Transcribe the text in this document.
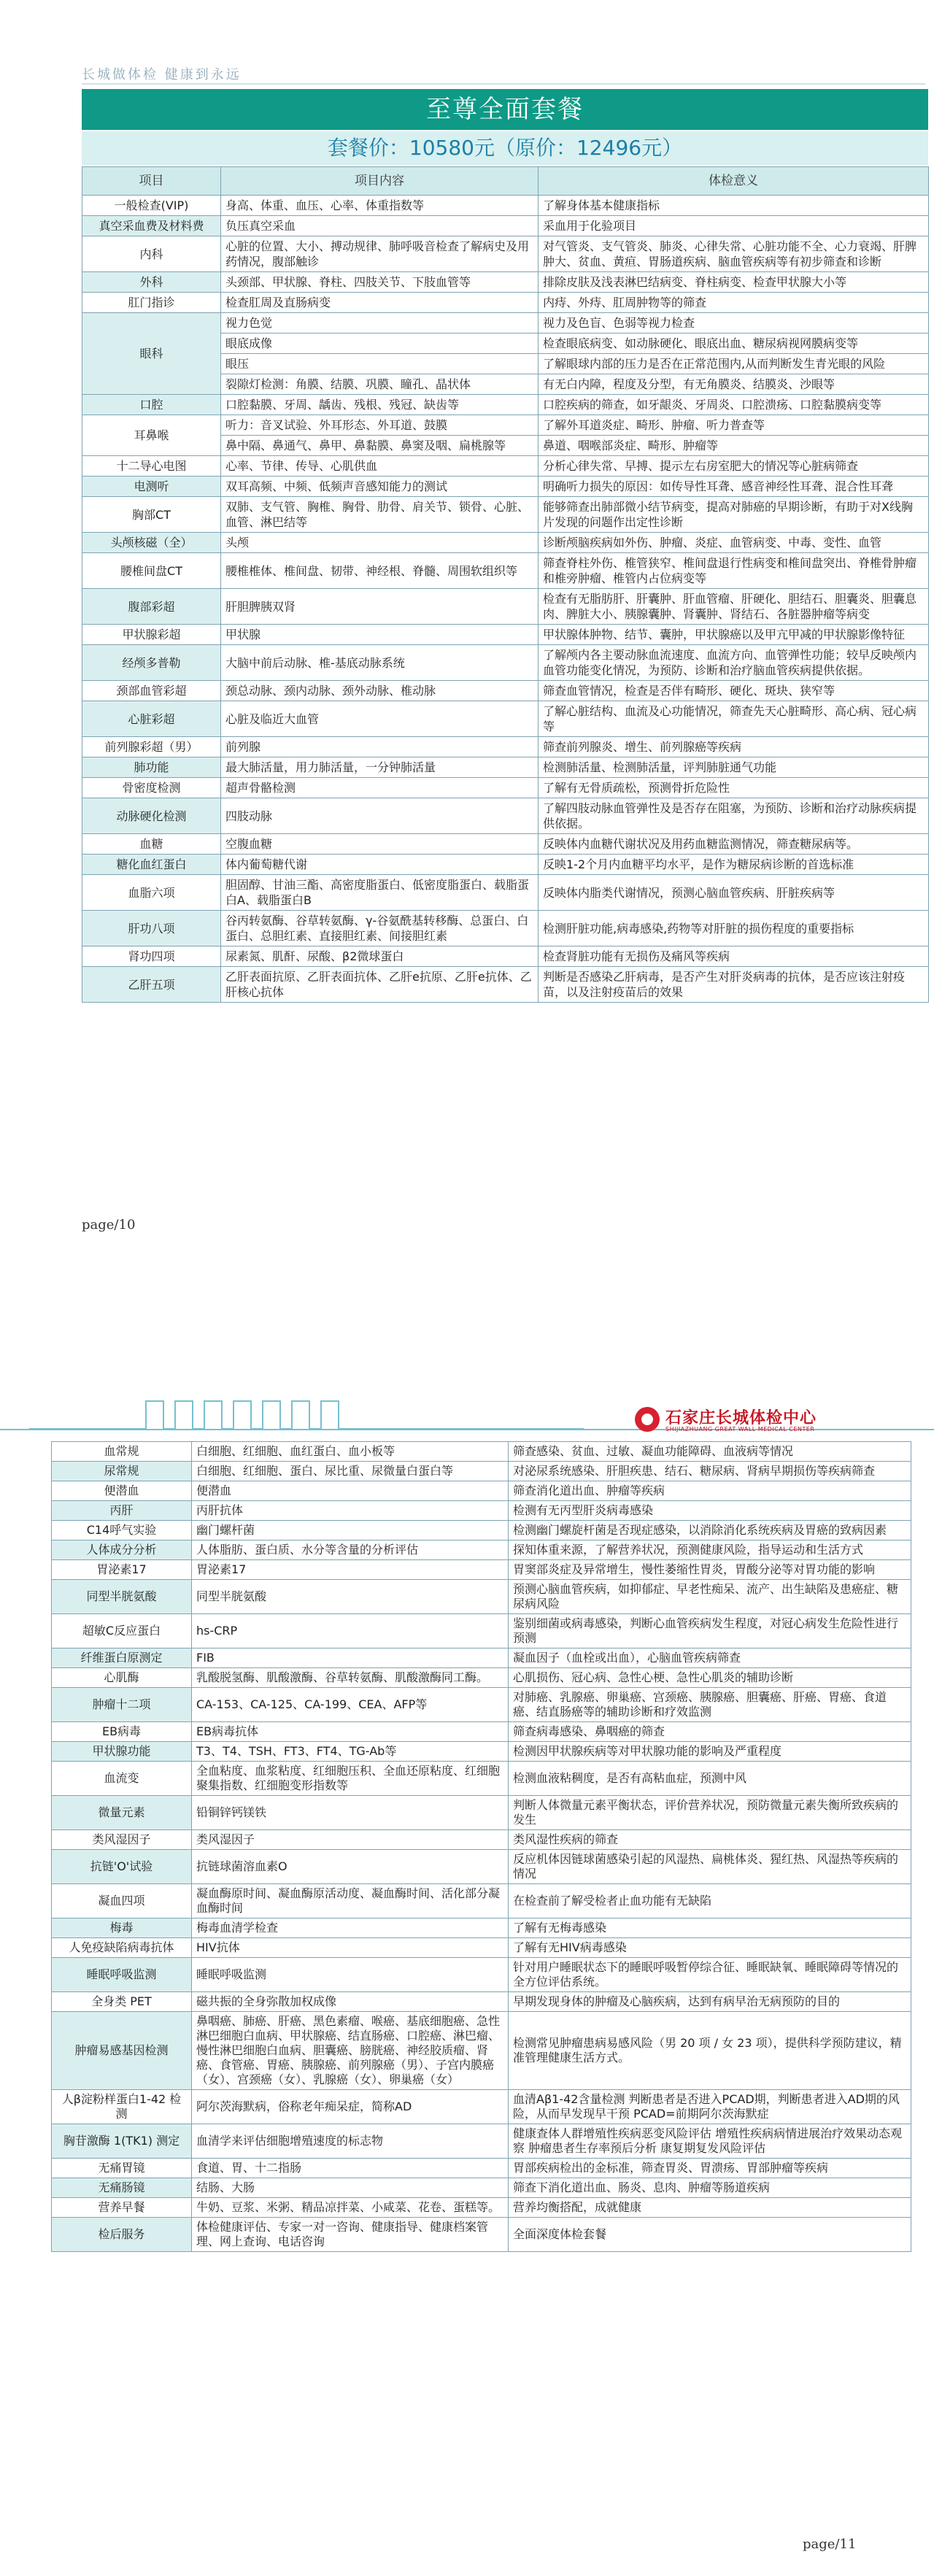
长城做体检 健康到永远
至尊全面套餐
套餐价：10580元（原价：12496元）
项目	项目内容	体检意义
一般检查(VIP)	身高、体重、血压、心率、体重指数等	了解身体基本健康指标
真空采血费及材料费	负压真空采血	采血用于化验项目
内科	心脏的位置、大小、搏动规律、肺呼吸音检查了解病史及用药情况，腹部触诊	对气管炎、支气管炎、肺炎、心律失常、心脏功能不全、心力衰竭、肝脾肿大、贫血、黄疸、胃肠道疾病、脑血管疾病等有初步筛查和诊断
外科	头颈部、甲状腺、脊柱、四肢关节、下肢血管等	排除皮肤及浅表淋巴结病变、脊柱病变、检查甲状腺大小等
肛门指诊	检查肛周及直肠病变	内痔、外痔、肛周肿物等的筛查
眼科	视力色觉	视力及色盲、色弱等视力检查
	眼底成像	检查眼底病变、如动脉硬化、眼底出血、糖尿病视网膜病变等
	眼压	了解眼球内部的压力是否在正常范围内,从而判断发生青光眼的风险
	裂隙灯检测：角膜、结膜、巩膜、瞳孔、晶状体	有无白内障，程度及分型，有无角膜炎、结膜炎、沙眼等
口腔	口腔黏膜、牙周、龋齿、残根、残冠、缺齿等	口腔疾病的筛查，如牙龈炎、牙周炎、口腔溃疡、口腔黏膜病变等
耳鼻喉	听力：音叉试验、外耳形态、外耳道、鼓膜	了解外耳道炎症、畸形、肿瘤、听力普查等
	鼻中隔、鼻通气、鼻甲、鼻黏膜、鼻窦及咽、扁桃腺等	鼻道、咽喉部炎症、畸形、肿瘤等
十二导心电图	心率、节律、传导、心肌供血	分析心律失常、早搏、提示左右房室肥大的情况等心脏病筛查
电测听	双耳高频、中频、低频声音感知能力的测试	明确听力损失的原因：如传导性耳聋、感音神经性耳聋、混合性耳聋
胸部CT	双肺、支气管、胸椎、胸骨、肋骨、肩关节、锁骨、心脏、血管、淋巴结等	能够筛查出肺部微小结节病变，提高对肺癌的早期诊断，有助于对X线胸片发现的问题作出定性诊断
头颅核磁（全）	头颅	诊断颅脑疾病如外伤、肿瘤、炎症、血管病变、中毒、变性、血管
腰椎间盘CT	腰椎椎体、椎间盘、韧带、神经根、脊髓、周围软组织等	筛查脊柱外伤、椎管狭窄、椎间盘退行性病变和椎间盘突出、脊椎骨肿瘤和椎旁肿瘤、椎管内占位病变等
腹部彩超	肝胆脾胰双肾	检查有无脂肪肝、肝囊肿、肝血管瘤、肝硬化、胆结石、胆囊炎、胆囊息肉、脾脏大小、胰腺囊肿、肾囊肿、肾结石、各脏器肿瘤等病变
甲状腺彩超	甲状腺	甲状腺体肿物、结节、囊肿，甲状腺癌以及甲亢甲减的甲状腺影像特征
经颅多普勒	大脑中前后动脉、椎-基底动脉系统	了解颅内各主要动脉血流速度、血流方向、血管弹性功能；较早反映颅内血管功能变化情况，为预防、诊断和治疗脑血管疾病提供依据。
颈部血管彩超	颈总动脉、颈内动脉、颈外动脉、椎动脉	筛查血管情况，检查是否伴有畸形、硬化、斑块、狭窄等
心脏彩超	心脏及临近大血管	了解心脏结构、血流及心功能情况，筛查先天心脏畸形、高心病、冠心病等
前列腺彩超（男）	前列腺	筛查前列腺炎、增生、前列腺癌等疾病
肺功能	最大肺活量，用力肺活量，一分钟肺活量	检测肺活量、检测肺活量，评判肺脏通气功能
骨密度检测	超声骨骼检测	了解有无骨质疏松，预测骨折危险性
动脉硬化检测	四肢动脉	了解四肢动脉血管弹性及是否存在阻塞，为预防、诊断和治疗动脉疾病提供依据。
血糖	空腹血糖	反映体内血糖代谢状况及用药血糖监测情况，筛查糖尿病等。
糖化血红蛋白	体内葡萄糖代谢	反映1-2个月内血糖平均水平，是作为糖尿病诊断的首选标准
血脂六项	胆固醇、甘油三酯、高密度脂蛋白、低密度脂蛋白、载脂蛋白A、载脂蛋白B	反映体内脂类代谢情况，预测心脑血管疾病、肝脏疾病等
肝功八项	谷丙转氨酶、谷草转氨酶、γ-谷氨酰基转移酶、总蛋白、白蛋白、总胆红素、直接胆红素、间接胆红素	检测肝脏功能,病毒感染,药物等对肝脏的损伤程度的重要指标
肾功四项	尿素氮、肌酐、尿酸、β2微球蛋白	检查肾脏功能有无损伤及痛风等疾病
乙肝五项	乙肝表面抗原、乙肝表面抗体、乙肝e抗原、乙肝e抗体、乙肝核心抗体	判断是否感染乙肝病毒，是否产生对肝炎病毒的抗体，是否应该注射疫苗，以及注射疫苗后的效果
page/10
石家庄长城体检中心
SHIJIAZHUANG GREAT WALL MEDICAL CENTER
血常规	白细胞、红细胞、血红蛋白、血小板等	筛查感染、贫血、过敏、凝血功能障碍、血液病等情况
尿常规	白细胞、红细胞、蛋白、尿比重、尿微量白蛋白等	对泌尿系统感染、肝胆疾患、结石、糖尿病、肾病早期损伤等疾病筛查
便潜血	便潜血	筛查消化道出血、肿瘤等疾病
丙肝	丙肝抗体	检测有无丙型肝炎病毒感染
C14呼气实验	幽门螺杆菌	检测幽门螺旋杆菌是否现症感染，以消除消化系统疾病及胃癌的致病因素
人体成分分析	人体脂肪、蛋白质、水分等含量的分析评估	探知体重来源，了解营养状况，预测健康风险，指导运动和生活方式
胃泌素17	胃泌素17	胃窦部炎症及异常增生，慢性萎缩性胃炎，胃酸分泌等对胃功能的影响
同型半胱氨酸	同型半胱氨酸	预测心脑血管疾病，如抑郁症、早老性痴呆、流产、出生缺陷及患癌症、糖尿病风险
超敏C反应蛋白	hs-CRP	鉴别细菌或病毒感染，判断心血管疾病发生程度，对冠心病发生危险性进行预测
纤维蛋白原测定	FIB	凝血因子（血栓或出血），心脑血管疾病筛查
心肌酶	乳酸脱氢酶、肌酸激酶、谷草转氨酶、肌酸激酶同工酶。	心肌损伤、冠心病、急性心梗、急性心肌炎的辅助诊断
肿瘤十二项	CA-153、CA-125、CA-199、CEA、AFP等	对肺癌、乳腺癌、卵巢癌、宫颈癌、胰腺癌、胆囊癌、肝癌、胃癌、食道癌、结直肠癌等的辅助诊断和疗效监测
EB病毒	EB病毒抗体	筛查病毒感染、鼻咽癌的筛查
甲状腺功能	T3、T4、TSH、FT3、FT4、TG-Ab等	检测因甲状腺疾病等对甲状腺功能的影响及严重程度
血流变	全血粘度、血浆粘度、红细胞压积、全血还原粘度、红细胞聚集指数、红细胞变形指数等	检测血液粘稠度，是否有高粘血症，预测中风
微量元素	铅铜锌钙镁铁	判断人体微量元素平衡状态，评价营养状况，预防微量元素失衡所致疾病的发生
类风湿因子	类风湿因子	类风湿性疾病的筛查
抗链'O'试验	抗链球菌溶血素O	反应机体因链球菌感染引起的风湿热、扁桃体炎、猩红热、风湿热等疾病的情况
凝血四项	凝血酶原时间、凝血酶原活动度、凝血酶时间、活化部分凝血酶时间	在检查前了解受检者止血功能有无缺陷
梅毒	梅毒血清学检查	了解有无梅毒感染
人免疫缺陷病毒抗体	HIV抗体	了解有无HIV病毒感染
睡眠呼吸监测	睡眠呼吸监测	针对用户睡眠状态下的睡眠呼吸暂停综合征、睡眠缺氧、睡眠障碍等情况的全方位评估系统。
全身类 PET	磁共振的全身弥散加权成像	早期发现身体的肿瘤及心脑疾病，达到有病早治无病预防的目的
肿瘤易感基因检测	鼻咽癌、肺癌、肝癌、黑色素瘤、喉癌、基底细胞癌、急性淋巴细胞白血病、甲状腺癌、结直肠癌、口腔癌、淋巴瘤、慢性淋巴细胞白血病、胆囊癌、膀胱癌、神经胶质瘤、肾癌、食管癌、胃癌、胰腺癌、前列腺癌（男）、子宫内膜癌（女）、宫颈癌（女）、乳腺癌（女）、卵巢癌（女）	检测常见肿瘤患病易感风险（男 20 项 / 女 23 项），提供科学预防建议，精准管理健康生活方式。
人β淀粉样蛋白1-42 检测	阿尔茨海默病，俗称老年痴呆症，简称AD	血清Aβ1-42含量检测 判断患者是否进入PCAD期，判断患者进入AD期的风险，从而早发现早干预 PCAD=前期阿尔茨海默症
胸苷激酶 1(TK1) 测定	血清学来评估细胞增殖速度的标志物	健康查体人群增殖性疾病恶变风险评估 增殖性疾病病情进展治疗效果动态观察 肿瘤患者生存率预后分析 康复期复发风险评估
无痛胃镜	食道、胃、十二指肠	胃部疾病检出的金标准，筛查胃炎、胃溃疡、胃部肿瘤等疾病
无痛肠镜	结肠、大肠	筛查下消化道出血、肠炎、息肉、肿瘤等肠道疾病
营养早餐	牛奶、豆浆、米粥、精品凉拌菜、小咸菜、花卷、蛋糕等。	营养均衡搭配，成就健康
检后服务	体检健康评估、专家一对一咨询、健康指导、健康档案管理、网上查询、电话咨询	全面深度体检套餐
page/11
